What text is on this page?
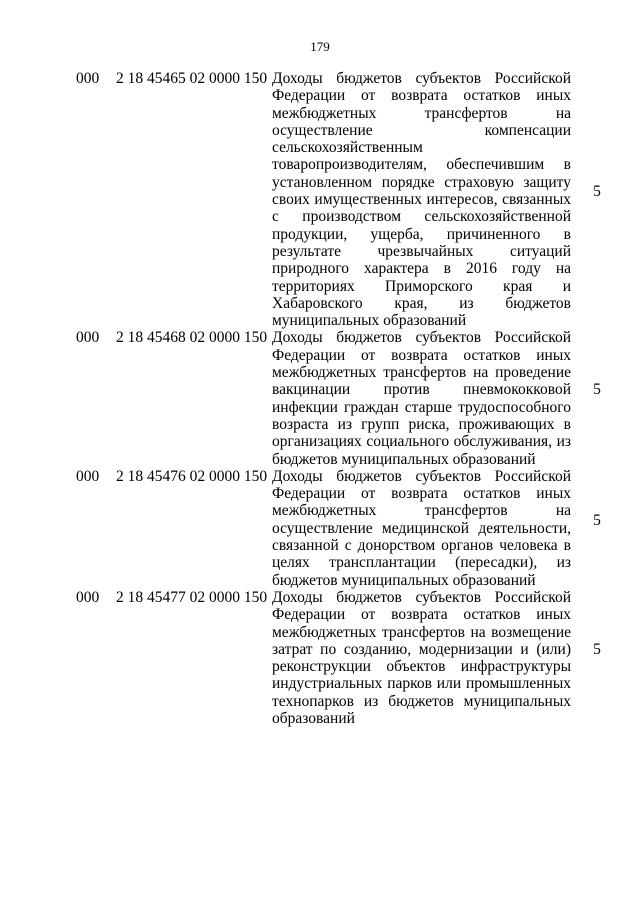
179
000	2 18 45465 02 0000 150 Доходы бюджетов субъектов Российской Федерации от возврата остатков иных межбюджетных трансфертов на осуществление компенсации сельскохозяйственным товаропроизводителям, обеспечившим в установленном порядке страховую защиту своих имущественных интересов, связанных с производством сельскохозяйственной продукции, ущерба, причиненного в результате чрезвычайных ситуаций природного характера в 2016 году на территориях Приморского края и Хабаровского края, из бюджетов муниципальных образований
5
000	2 18 45468 02 0000 150 Доходы бюджетов субъектов Российской Федерации от возврата остатков иных межбюджетных трансфертов на проведение вакцинации против пневмококковой инфекции граждан старше трудоспособного возраста из групп риска, проживающих в организациях социального обслуживания, из бюджетов муниципальных образований
5
000	2 18 45476 02 0000 150 Доходы бюджетов субъектов Российской Федерации от возврата остатков иных межбюджетных трансфертов на осуществление медицинской деятельности, связанной с донорством органов человека в целях трансплантации (пересадки), из бюджетов муниципальных образований
5
000	2 18 45477 02 0000 150 Доходы бюджетов субъектов Российской Федерации от возврата остатков иных межбюджетных трансфертов на возмещение затрат по созданию, модернизации и (или) реконструкции объектов инфраструктуры индустриальных парков или промышленных технопарков из бюджетов муниципальных образований
5
